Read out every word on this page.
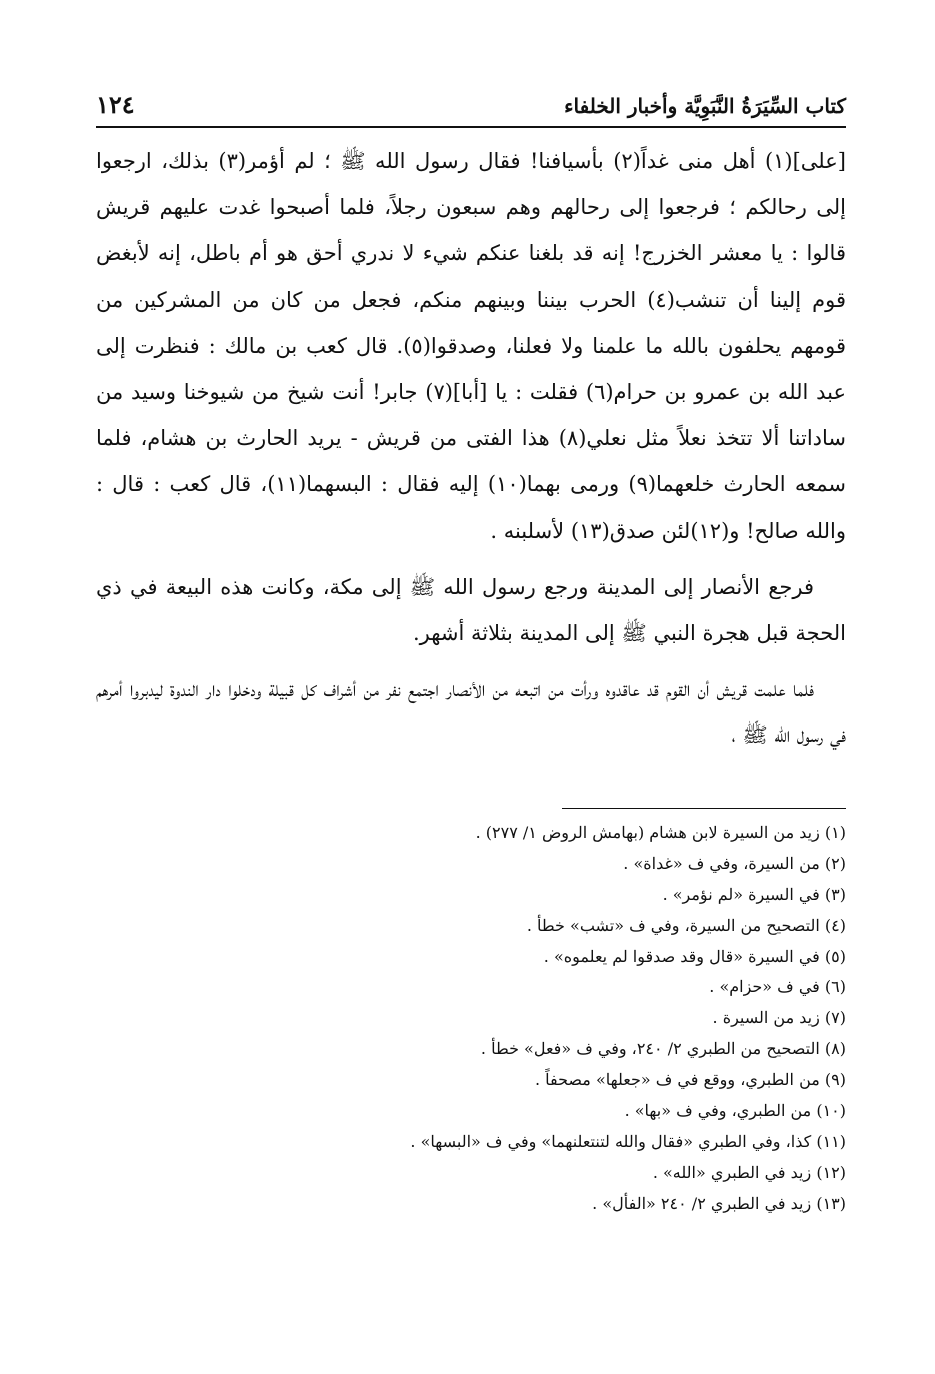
كتاب السِّيَرَةُ النَّبَوِيَّة وأخبار الخلفاء
١٢٤

[على](١) أهل منى غداً(٢) بأسيافنا! فقال رسول الله ﷺ ؛ لم أؤمر(٣) بذلك، ارجعوا إلى رحالكم ؛ فرجعوا إلى رحالهم وهم سبعون رجلاً، فلما أصبحوا غدت عليهم قريش قالوا : يا معشر الخزرج! إنه قد بلغنا عنكم شيء لا ندري أحق هو أم باطل، إنه لأبغض قوم إلينا أن تنشب(٤) الحرب بيننا وبينهم منكم، فجعل من كان من المشركين من قومهم يحلفون بالله ما علمنا ولا فعلنا، وصدقوا(٥). قال كعب بن مالك : فنظرت إلى عبد الله بن عمرو بن حرام(٦) فقلت : يا [أبا](٧) جابر! أنت شيخ من شيوخنا وسيد من ساداتنا ألا تتخذ نعلاً مثل نعلي(٨) هذا الفتى من قريش - يريد الحارث بن هشام، فلما سمعه الحارث خلعهما(٩) ورمى بهما(١٠) إليه فقال : البسهما(١١)، قال كعب : قال : والله صالح! و(١٢)لئن صدق(١٣) لأسلبنه .

فرجع الأنصار إلى المدينة ورجع رسول الله ﷺ إلى مكة، وكانت هذه البيعة في ذي الحجة قبل هجرة النبي ﷺ إلى المدينة بثلاثة أشهر.

فلما علمت قريش أن القوم قد عاقدوه ورأت من اتبعه من الأنصار اجتمع نفر من أشراف كل قبيلة ودخلوا دار الندوة ليدبروا أمرهم في رسول الله ﷺ ،

(١) زيد من السيرة لابن هشام (بهامش الروض ١/ ٢٧٧) .
(٢) من السيرة، وفي ف «غداة» .
(٣) في السيرة «لم نؤمر» .
(٤) التصحيح من السيرة، وفي ف «تشب» خطأ .
(٥) في السيرة «قال وقد صدقوا لم يعلموه» .
(٦) في ف «حزام» .
(٧) زيد من السيرة .
(٨) التصحيح من الطبري ٢/ ٢٤٠، وفي ف «فعل» خطأ .
(٩) من الطبري، ووقع في ف «جعلها» مصحفاً .
(١٠) من الطبري، وفي ف «بها» .
(١١) كذا، وفي الطبري «فقال والله لتنتعلنهما» وفي ف «البسها» .
(١٢) زيد في الطبري «الله» .
(١٣) زيد في الطبري ٢/ ٢٤٠ «الفأل» .
